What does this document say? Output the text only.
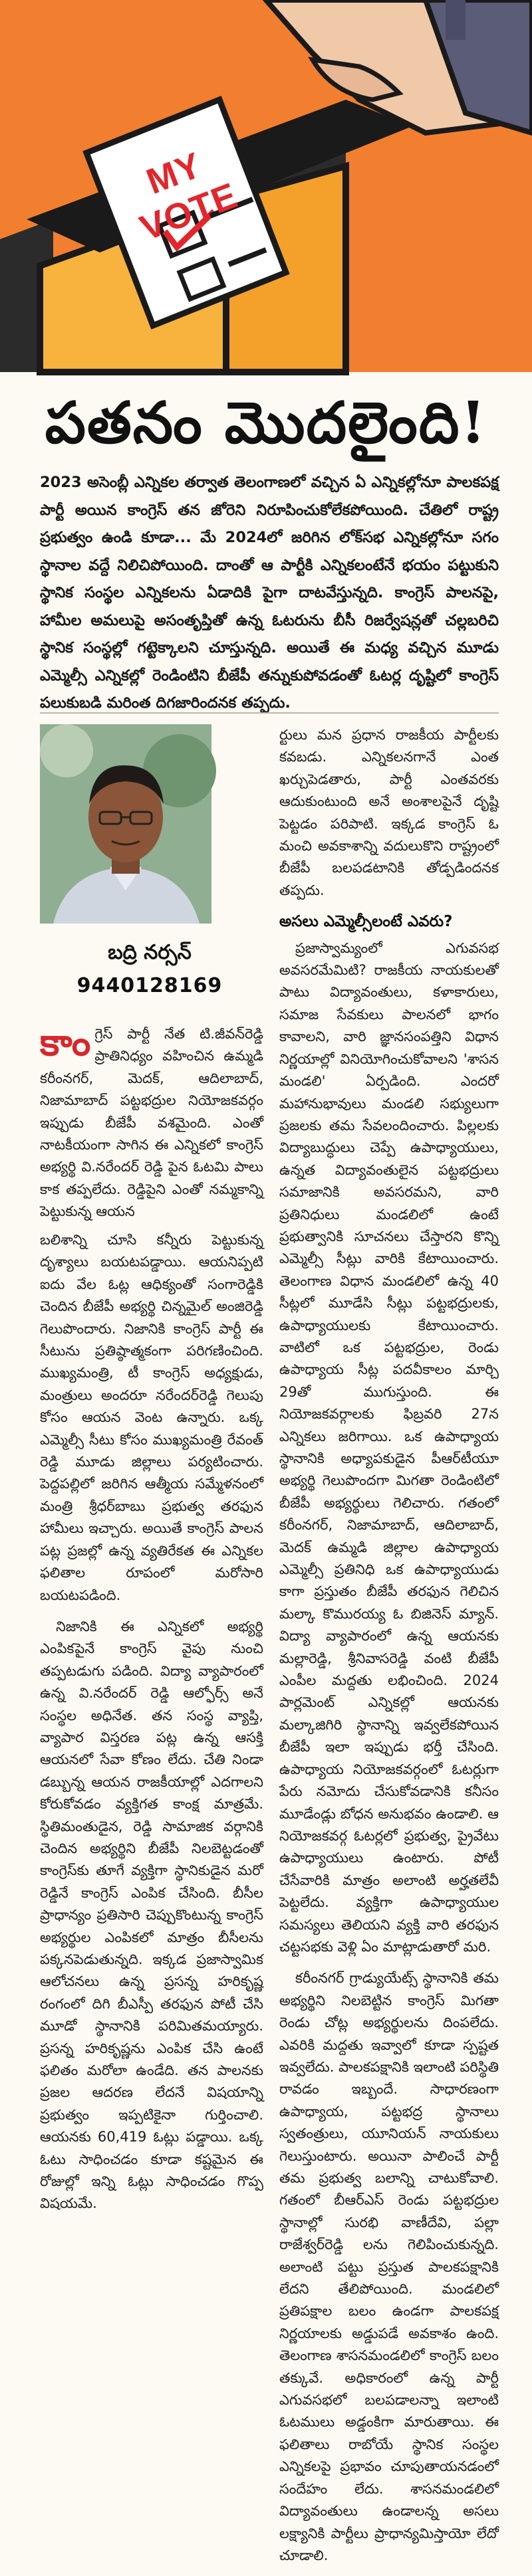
MY VOTE
పతనం మొదలైంది!
2023 అసెంబ్లీ ఎన్నికల తర్వాత తెలంగాణలో వచ్చిన ఏ ఎన్నికల్లోనూ పాలకపక్ష పార్టీ అయిన కాంగ్రెస్ తన జోరెని నిరూపించుకోలేకపోయింది. చేతిలో రాష్ట్ర ప్రభుత్వం ఉండి కూడా... మే 2024లో జరిగిన లోక్‌సభ ఎన్నికల్లోనూ సగం స్థానాల వద్దే నిలిచిపోయింది. దాంతో ఆ పార్టీకి ఎన్నికలంటేనే భయం పట్టుకుని స్థానిక సంస్థల ఎన్నికలను ఏడాదికి పైగా దాటవేస్తున్నది. కాంగ్రెస్ పాలనపై, హామీల అమలుపై అసంతృప్తితో ఉన్న ఓటరును బీసీ రిజర్వేషన్లతో చల్లబరిచి స్థానిక సంస్థల్లో గట్టెక్కాలని చూస్తున్నది. అయితే ఈ మధ్య వచ్చిన మూడు ఎమ్మెల్సీ ఎన్నికల్లో రెండింటిని బీజేపీ తన్నుకుపోవడంతో ఓటర్ల దృష్టిలో కాంగ్రెస్ పలుకుబడి మరింత దిగజారిందనక తప్పదు.
బద్రి నర్సన్
9440128169
కాంగ్రెస్ పార్టీ నేత టి.జీవన్‌రెడ్డి ప్రాతినిధ్యం వహించిన ఉమ్మడి కరీంనగర్, మెదక్, ఆదిలాబాద్, నిజామాబాద్ పట్టభద్రుల నియోజకవర్గం ఇప్పుడు బీజేపీ వశమైంది. ఎంతో నాటకీయంగా సాగిన ఈ ఎన్నికలో కాంగ్రెస్ అభ్యర్థి వి.నరేందర్ రెడ్డి పైన ఓటమి పాలు కాక తప్పలేదు. రెడ్డిపైని ఎంతో నమ్మకాన్ని పెట్టుకున్న ఆయన

బలిశాన్ని చూసి కన్నీరు పెట్టుకున్న దృశ్యాలు బయటపడ్డాయి. ఆయనిప్పటి ఐదు వేల ఓట్ల ఆధిక్యంతో సంగారెడ్డికి చెందిన బీజేపీ అభ్యర్థి చిన్నమైల్ అంజిరెడ్డి గెలుపొందారు. నిజానికి కాంగ్రెస్ పార్టీ ఈ సీటును ప్రతిష్ఠాత్మకంగా పరిగణించింది. ముఖ్యమంత్రి, టీ కాంగ్రెస్ అధ్యక్షుడు, మంత్రులు అందరూ నరేందర్‌రెడ్డి గెలుపు కోసం ఆయన వెంట ఉన్నారు. ఒక్క ఎమ్మెల్సీ సీటు కోసం ముఖ్యమంత్రి రేవంత్ రెడ్డి మూడు జిల్లాలు పర్యటించారు. పెద్దపల్లిలో జరిగిన ఆత్మీయ సమ్మేళనంలో మంత్రి శ్రీధర్‌బాబు ప్రభుత్వ తరఫున హామీలు ఇచ్చారు. అయితే కాంగ్రెస్ పాలన పట్ల ప్రజల్లో ఉన్న వ్యతిరేకత ఈ ఎన్నికల ఫలితాల రూపంలో మరోసారి బయటపడింది.

నిజానికి ఈ ఎన్నికలో అభ్యర్థి ఎంపికపైనే కాంగ్రెస్ వైపు నుంచి తప్పటడుగు పడింది. విద్యా వ్యాపారంలో ఉన్న వి.నరేందర్ రెడ్డి ఆల్ఫోర్స్ అనే సంస్థల అధినేత. తన సంస్థ వ్యాప్తి, వ్యాపార విస్తరణ పట్ల ఉన్న ఆసక్తి ఆయనలో సేవా కోణం లేదు. చేతి నిండా డబ్బున్న ఆయన రాజకీయాల్లో ఎదగాలని కోరుకోవడం వ్యక్తిగత కాంక్ష మాత్రమే. స్థితిమంతుడైన, రెడ్డి సామాజిక వర్గానికి చెందిన అభ్యర్థిని బీజేపీ నిలబెట్టడంతో కాంగ్రెస్‌కు తూగే వ్యక్తిగా స్థానికుడైన మరో రెడ్డినే కాంగ్రెస్ ఎంపిక చేసింది. బీసీల ప్రాధాన్యం ప్రతిసారి చెప్పుకొంటున్న కాంగ్రెస్ అభ్యర్థుల ఎంపికలో మాత్రం బీసీలను పక్కనపెడుతున్నది. ఇక్కడ ప్రజాస్వామిక ఆలోచనలు ఉన్న ప్రసన్న హరికృష్ణ రంగంలో దిగి బీఎస్పీ తరఫున పోటీ చేసి మూడో స్థానానికి పరిమితమయ్యారు. ప్రసన్న హరికృష్ణను ఎంపిక చేసి ఉంటే ఫలితం మరోలా ఉండేది. తన పాలనకు ప్రజల ఆదరణ లేదనే విషయాన్ని ప్రభుత్వం ఇప్పటికైనా గుర్తించాలి. ఆయనకు 60,419 ఓట్లు పడ్డాయి. ఒక్క ఓటు సాధించడం కూడా కష్టమైన ఈ రోజుల్లో ఇన్ని ఓట్లు సాధించడం గొప్ప విషయమే.

ర్టులు మన ప్రధాన రాజకీయ పార్టీలకు కవబడు. ఎన్నికలనగానే ఎంత ఖర్చుపెడతారు, పార్టీ ఎంతవరకు ఆదుకుంటుంది అనే అంశాలపైనే దృష్టి పెట్టడం పరిపాటి. ఇక్కడ కాంగ్రెస్ ఓ మంచి అవకాశాన్ని వదులుకొని రాష్ట్రంలో బీజేపీ బలపడటానికి తోడ్పడిందనక తప్పదు.

అసలు ఎమ్మెల్సీలంటే ఎవరు?

ప్రజాస్వామ్యంలో ఎగువసభ అవసరమేమిటి? రాజకీయ నాయకులతో పాటు విద్యావంతులు, కళాకారులు, సమాజ సేవకులు పాలనలో భాగం కావాలని, వారి జ్ఞానసంపత్తిని విధాన నిర్ణయాల్లో వినియోగించుకోవాలని 'శాసన మండలి' ఏర్పడింది. ఎందరో మహానుభావులు మండలి సభ్యులుగా ప్రజలకు తమ సేవలందించారు. పిల్లలకు విద్యాబుద్ధులు చెప్పే ఉపాధ్యాయులు, ఉన్నత విద్యావంతులైన పట్టభద్రులు సమాజానికి అవసరమని, వారి ప్రతినిధులు మండలిలో ఉంటే ప్రభుత్వానికి సూచనలు చేస్తారని కొన్ని ఎమ్మెల్సీ సీట్లు వారికి కేటాయించారు. తెలంగాణ విధాన మండలిలో ఉన్న 40 సీట్లలో మూడేసి సీట్లు పట్టభద్రులకు, ఉపాధ్యాయులకు కేటాయించారు. వాటిలో ఒక పట్టభద్రుల, రెండు ఉపాధ్యాయ సీట్ల పదవీకాలం మార్చి 29తో ముగుస్తుంది. ఈ నియోజకవర్గాలకు ఫిబ్రవరి 27న ఎన్నికలు జరిగాయి. ఒక ఉపాధ్యాయ స్థానానికి అధ్యాపకుడైన పీఆర్‌టీయూ అభ్యర్థి గెలుపొందగా మిగతా రెండింటిలో బీజేపీ అభ్యర్థులు గెలిచారు. గతంలో కరీంనగర్, నిజామాబాద్, ఆదిలాబాద్, మెదక్ ఉమ్మడి జిల్లాల ఉపాధ్యాయ ఎమ్మెల్సీ ప్రతినిధి ఒక ఉపాధ్యాయుడు కాగా ప్రస్తుతం బీజేపీ తరఫున గెలిచిన మల్కా కొమురయ్య ఓ బిజినెస్ మ్యాన్. విద్యా వ్యాపారంలో ఉన్న ఆయనకు మల్లారెడ్డి, శ్రీనివాసరెడ్డి వంటి బీజేపీ ఎంపీల మద్దతు లభించింది. 2024 పార్లమెంట్ ఎన్నికల్లో ఆయనకు మల్కాజిగిరి స్థానాన్ని ఇవ్వలేకపోయిన బీజేపీ ఇలా ఇప్పుడు భర్తీ చేసింది. ఉపాధ్యాయ నియోజకవర్గంలో ఓటర్లుగా పేరు నమోదు చేసుకోవడానికి కనీసం మూడేండ్లు బోధన అనుభవం ఉండాలి. ఆ నియోజకవర్గ ఓటర్లలో ప్రభుత్వ, ప్రైవేటు ఉపాధ్యాయులు ఉంటారు. పోటీ చేసేవారికి మాత్రం అలాంటి అర్హతలేవీ పెట్టలేదు. వ్యక్తిగా ఉపాధ్యాయుల సమస్యలు తెలియని వ్యక్తి వారి తరఫున చట్టసభకు వెళ్లి ఏం మాట్లాడుతారో మరి.

కరీంనగర్ గ్రాడ్యుయేట్స్ స్థానానికి తమ అభ్యర్థిని నిలబెట్టిన కాంగ్రెస్ మిగతా రెండు చోట్ల అభ్యర్థులను దింపలేదు. ఎవరికి మద్దతు ఇవ్వాలో కూడా స్పష్టత ఇవ్వలేదు. పాలకపక్షానికి ఇలాంటి పరిస్థితి రావడం ఇబ్బందే. సాధారణంగా ఉపాధ్యాయ, పట్టభద్ర స్థానాలు స్వతంత్రులు, యూనియన్ నాయకులు గెలుస్తుంటారు. అయినా పాలించే పార్టీ తమ ప్రభుత్వ బలాన్ని చాటుకోవాలి. గతంలో బీఆర్ఎస్ రెండు పట్టభద్రుల స్థానాల్లో సురభి వాణీదేవి, పల్లా రాజేశ్వర్‌రెడ్డి లను గెలిపించుకున్నది. అలాంటి పట్టు ప్రస్తుత పాలకపక్షానికి లేదని తేలిపోయింది. మండలిలో ప్రతిపక్షాల బలం ఉండగా పాలకపక్ష నిర్ణయాలకు అడ్డుపడే అవకాశం ఉంది. తెలంగాణ శాసనమండలిలో కాంగ్రెస్ బలం తక్కువే. అధికారంలో ఉన్న పార్టీ ఎగువసభలో బలపడాలన్నా ఇలాంటి ఓటములు అడ్డంకిగా మారుతాయి. ఈ ఫలితాలు రాబోయే స్థానిక సంస్థల ఎన్నికలపై ప్రభావం చూపుతాయనడంలో సందేహం లేదు. శాసనమండలిలో విద్యావంతులు ఉండాలన్న అసలు లక్ష్యానికి పార్టీలు ప్రాధాన్యమిస్తాయో లేదో చూడాలి.
